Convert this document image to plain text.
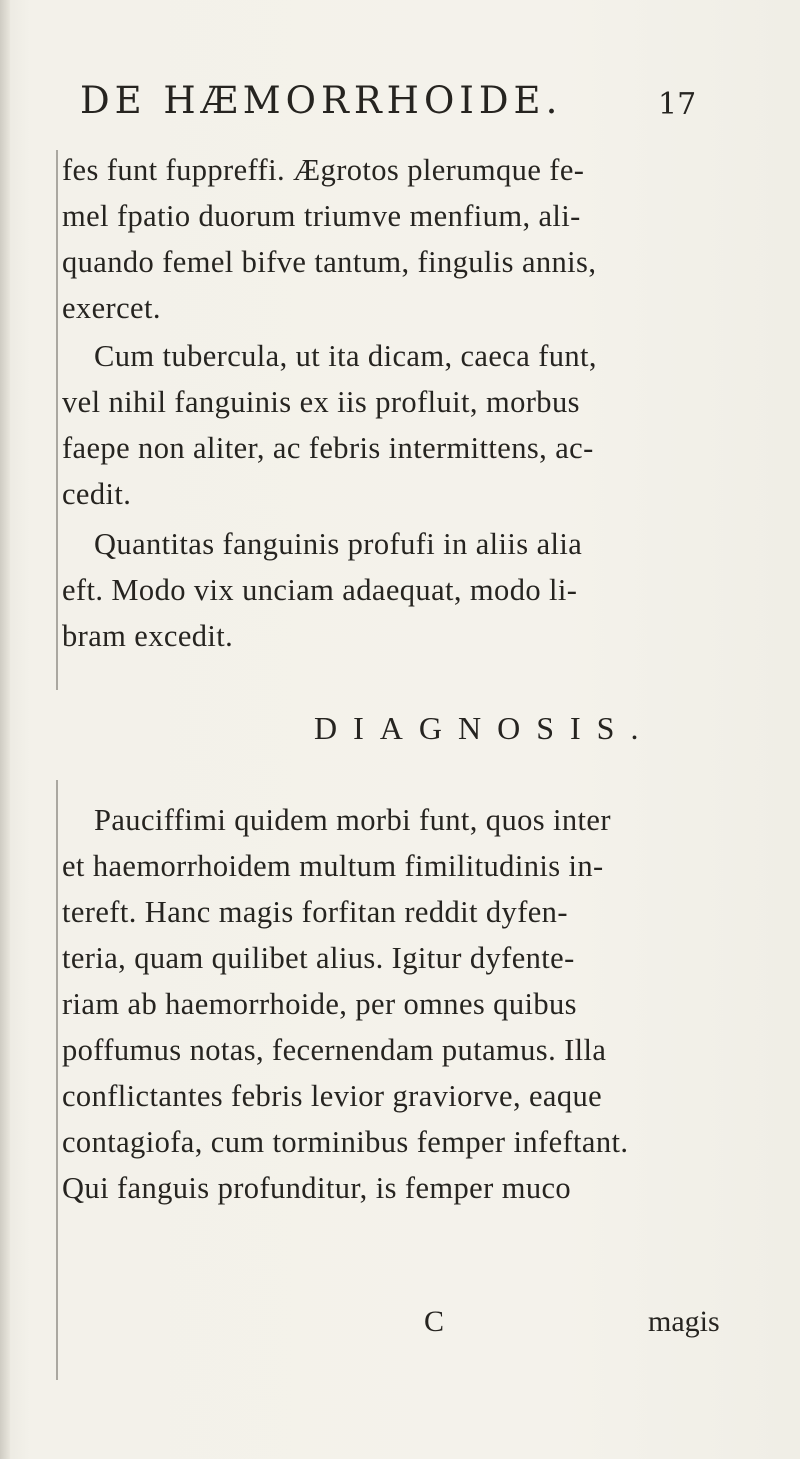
DE HÆMORRHOIDE.	17
fes funt fuppreffi. Ægrotos plerumque fe-
mel fpatio duorum triumve menfium, ali-
quando femel bifve tantum, fingulis annis,
exercet.
Cum tubercula, ut ita dicam, caeca funt,
vel nihil fanguinis ex iis profluit, morbus
faepe non aliter, ac febris intermittens, ac-
cedit.
Quantitas fanguinis profufi in aliis alia
eft. Modo vix unciam adaequat, modo li-
bram excedit.
DIAGNOSIS.
Pauciffimi quidem morbi funt, quos inter
et haemorrhoidem multum fimilitudinis in-
tereft. Hanc magis forfitan reddit dyfen-
teria, quam quilibet alius. Igitur dyfente-
riam ab haemorrhoide, per omnes quibus
poffumus notas, fecernendam putamus. Illa
conflictantes febris levior graviorve, eaque
contagiofa, cum torminibus femper infeftant.
Qui fanguis profunditur, is femper muco
C	magis
